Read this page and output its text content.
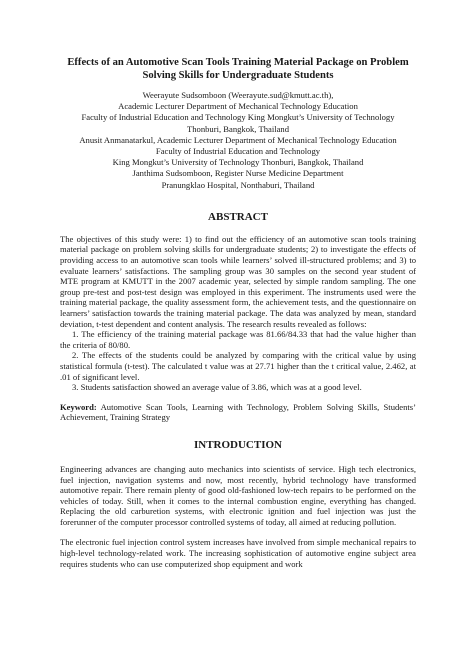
Effects of an Automotive Scan Tools Training Material Package on Problem Solving Skills for Undergraduate Students
Weerayute Sudsomboon (Weerayute.sud@kmutt.ac.th),
Academic Lecturer Department of Mechanical Technology Education
Faculty of Industrial Education and Technology King Mongkut’s University of Technology
Thonburi, Bangkok, Thailand
Anusit Anmanatarkul, Academic Lecturer Department of Mechanical Technology Education
Faculty of Industrial Education and Technology
King Mongkut’s University of Technology Thonburi, Bangkok, Thailand
Janthima Sudsomboon, Register Nurse Medicine Department
Pranungklao Hospital, Nonthaburi, Thailand
ABSTRACT

The objectives of this study were: 1) to find out the efficiency of an automotive scan tools training material package on problem solving skills for undergraduate students; 2) to investigate the effects of providing access to an automotive scan tools while learners’ solved ill-structured problems; and 3) to evaluate learners’ satisfactions. The sampling group was 30 samples on the second year student of MTE program at KMUTT in the 2007 academic year, selected by simple random sampling. The one group pre-test and post-test design was employed in this experiment. The instruments used were the training material package, the quality assessment form, the achievement tests, and the questionnaire on learners’ satisfaction towards the training material package. The data was analyzed by mean, standard deviation, t-test dependent and content analysis. The research results revealed as follows:

1. The efficiency of the training material package was 81.66/84.33 that had the value higher than the criteria of 80/80.
2. The effects of the students could be analyzed by comparing with the critical value by using statistical formula (t-test). The calculated t value was at 27.71 higher than the t critical value, 2.462, at .01 of significant level.
3. Students satisfaction showed an average value of 3.86, which was at a good level.

Keyword: Automotive Scan Tools, Learning with Technology, Problem Solving Skills, Students’ Achievement, Training Strategy

INTRODUCTION

Engineering advances are changing auto mechanics into scientists of service. High tech electronics, fuel injection, navigation systems and now, most recently, hybrid technology have transformed automotive repair. There remain plenty of good old-fashioned low-tech repairs to be performed on the vehicles of today. Still, when it comes to the internal combustion engine, everything has changed. Replacing the old carburetion systems, with electronic ignition and fuel injection was just the forerunner of the computer processor controlled systems of today, all aimed at reducing pollution.

The electronic fuel injection control system increases have involved from simple mechanical repairs to high-level technology-related work. The increasing sophistication of automotive engine subject area requires students who can use computerized shop equipment and work
